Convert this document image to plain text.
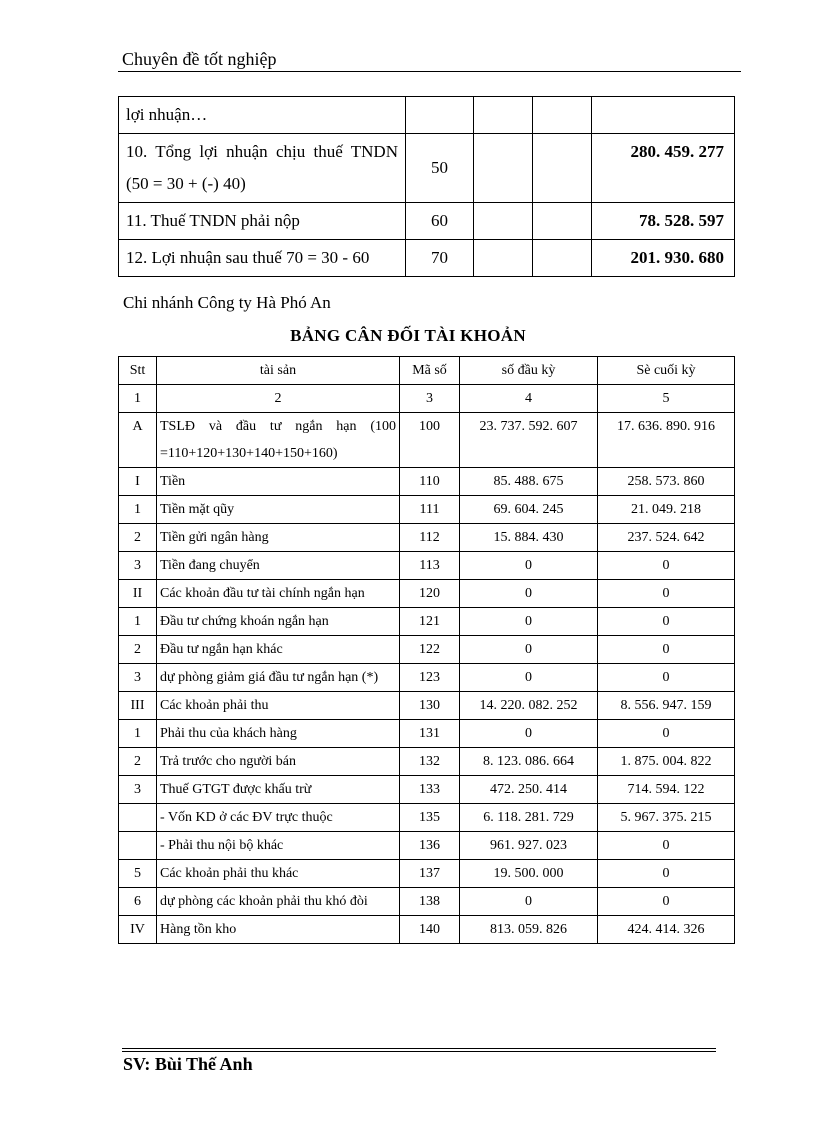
Chuyên đề tốt nghiệp
lợi nhuận…				
10. Tổng lợi nhuận chịu thuế TNDN (50 = 30 + (-) 40)	50			280. 459. 277
11. Thuế TNDN phải nộp	60			78. 528. 597
12. Lợi nhuận sau thuế 70 = 30 - 60	70			201. 930. 680
Chi nhánh Công ty Hà Phó An
BẢNG CÂN ĐỐI TÀI KHOẢN
Stt	tài sản	Mã số	số đầu kỳ	Sè cuối kỳ
1	2	3	4	5
A	TSLĐ và đầu tư ngắn hạn (100 =110+120+130+140+150+160)	100	23. 737. 592. 607	17. 636. 890. 916
I	Tiền	110	85. 488. 675	258. 573. 860
1	Tiền mặt qũy	111	69. 604. 245	21. 049. 218
2	Tiền gửi ngân hàng	112	15. 884. 430	237. 524. 642
3	Tiền đang chuyển	113	0	0
II	Các khoản đầu tư tài chính ngắn hạn	120	0	0
1	Đầu tư chứng khoán ngắn hạn	121	0	0
2	Đầu tư ngắn hạn khác	122	0	0
3	dự phòng giảm giá đầu tư ngắn hạn (*)	123	0	0
III	Các khoản phải thu	130	14. 220. 082. 252	8. 556. 947. 159
1	Phải thu của khách hàng	131	0	0
2	Trả trước cho người bán	132	8. 123. 086. 664	1. 875. 004. 822
3	Thuế GTGT được khấu trừ	133	472. 250. 414	714. 594. 122
	- Vốn KD ở các ĐV trực thuộc	135	6. 118. 281. 729	5. 967. 375. 215
	- Phải thu nội bộ khác	136	961. 927. 023	0
5	Các khoản phải thu khác	137	19. 500. 000	0
6	dự phòng các khoản phải thu khó đòi	138	0	0
IV	Hàng tồn kho	140	813. 059. 826	424. 414. 326
SV: Bùi Thế Anh
